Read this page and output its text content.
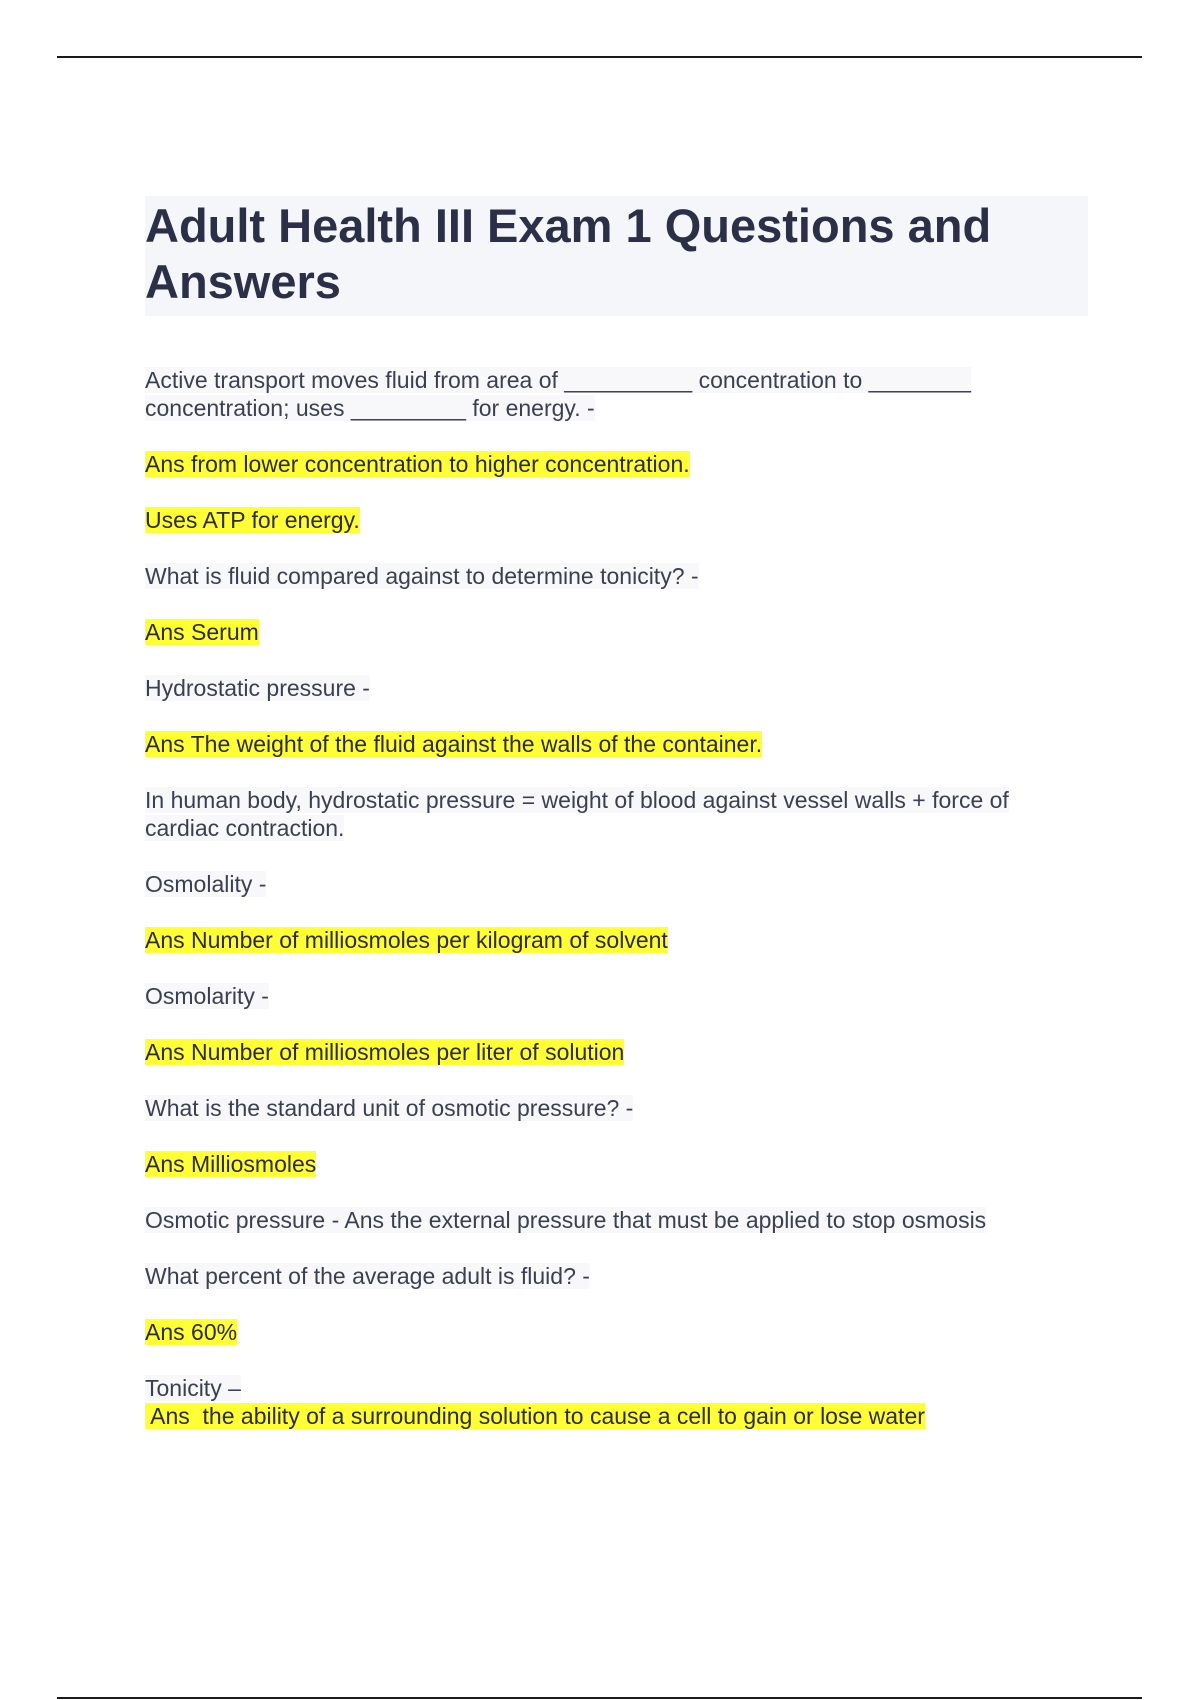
Adult Health III Exam 1 Questions and Answers

Active transport moves fluid from area of __________ concentration to ________ concentration; uses _________ for energy. -

Ans from lower concentration to higher concentration.

Uses ATP for energy.

What is fluid compared against to determine tonicity? -

Ans Serum

Hydrostatic pressure -

Ans The weight of the fluid against the walls of the container.

In human body, hydrostatic pressure = weight of blood against vessel walls + force of cardiac contraction.

Osmolality -

Ans Number of milliosmoles per kilogram of solvent

Osmolarity -

Ans Number of milliosmoles per liter of solution

What is the standard unit of osmotic pressure? -

Ans Milliosmoles

Osmotic pressure - Ans the external pressure that must be applied to stop osmosis

What percent of the average adult is fluid? -

Ans 60%

Tonicity –

Ans  the ability of a surrounding solution to cause a cell to gain or lose water
